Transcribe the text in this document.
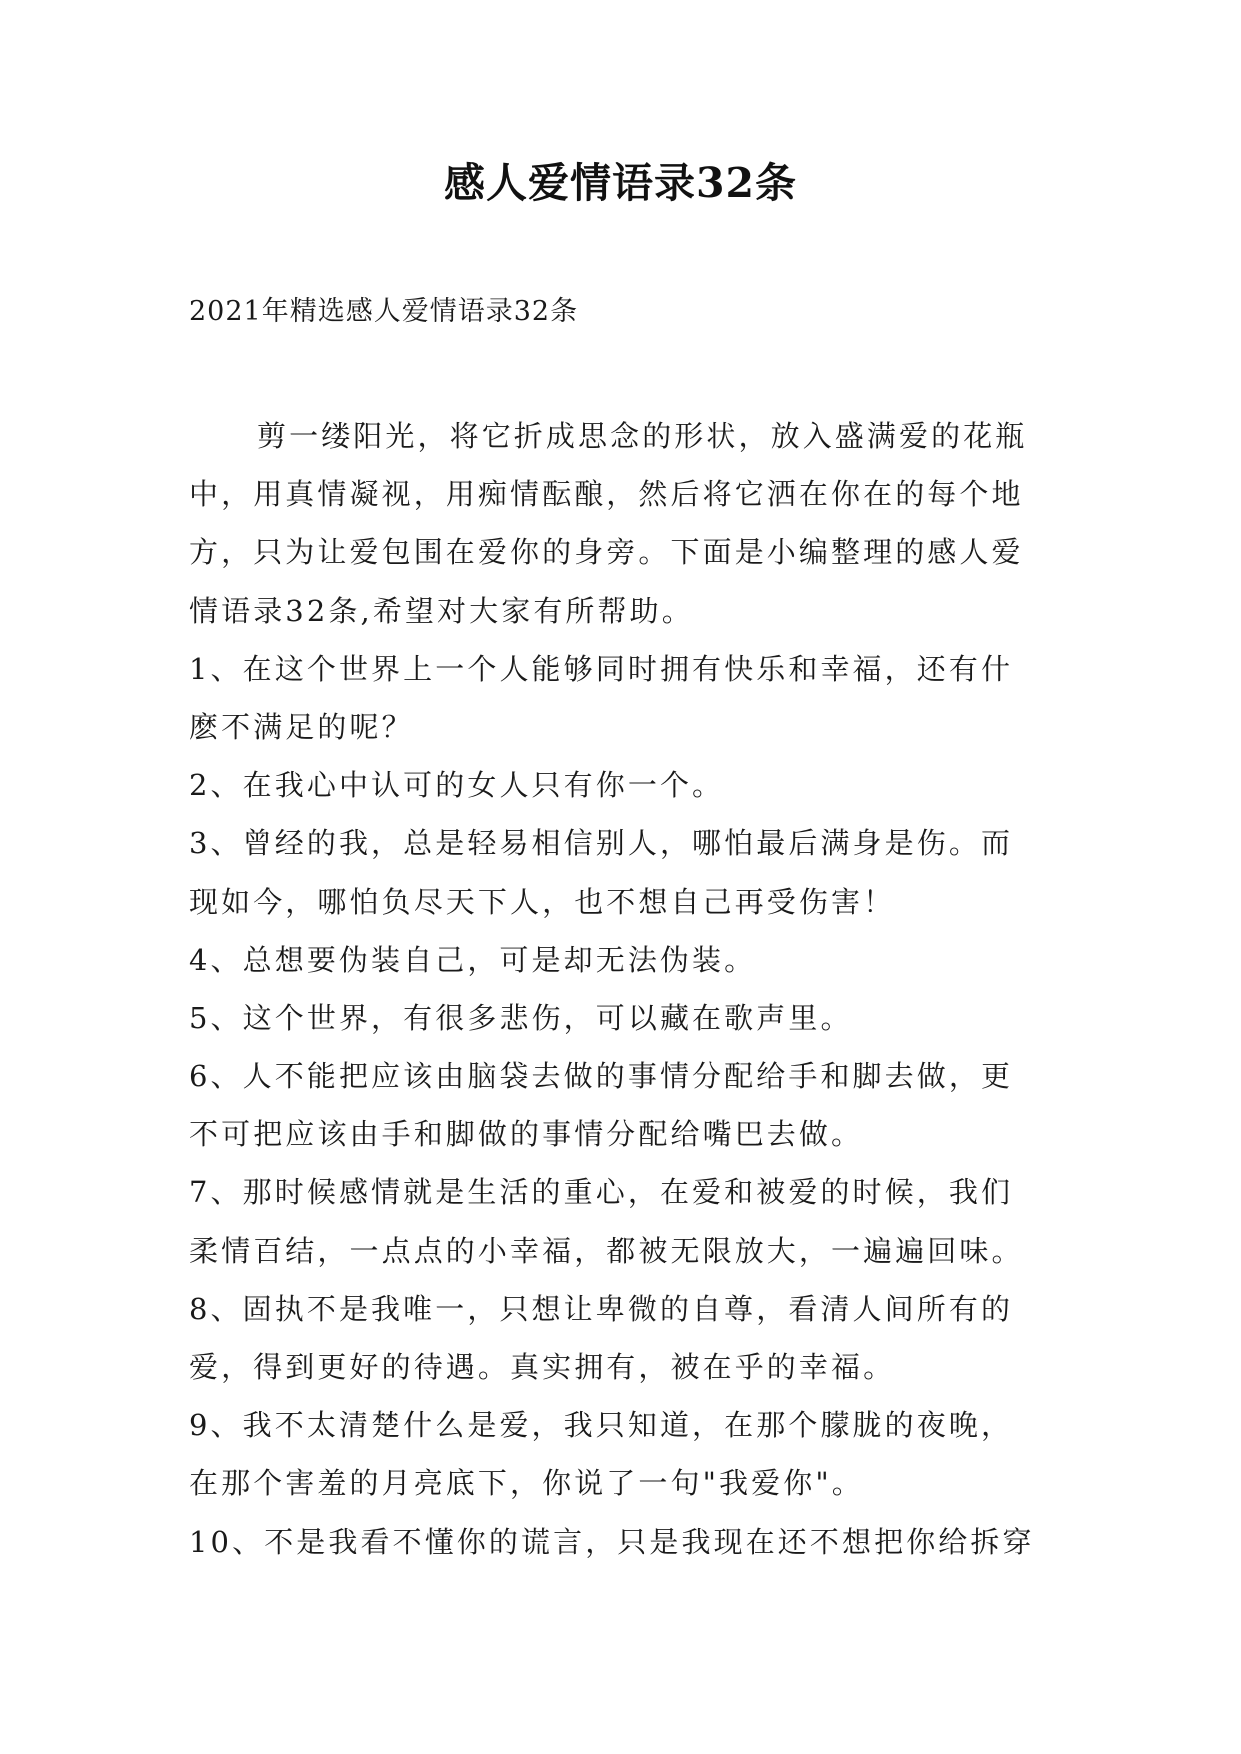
感人爱情语录32条

2021年精选感人爱情语录32条

剪一缕阳光，将它折成思念的形状，放入盛满爱的花瓶
中，用真情凝视，用痴情酝酿，然后将它洒在你在的每个地
方，只为让爱包围在爱你的身旁。下面是小编整理的感人爱
情语录32条,希望对大家有所帮助。
1、在这个世界上一个人能够同时拥有快乐和幸福，还有什
麽不满足的呢？
2、在我心中认可的女人只有你一个。
3、曾经的我，总是轻易相信别人，哪怕最后满身是伤。而
现如今，哪怕负尽天下人，也不想自己再受伤害！
4、总想要伪装自己，可是却无法伪装。
5、这个世界，有很多悲伤，可以藏在歌声里。
6、人不能把应该由脑袋去做的事情分配给手和脚去做，更
不可把应该由手和脚做的事情分配给嘴巴去做。
7、那时候感情就是生活的重心，在爱和被爱的时候，我们
柔情百结，一点点的小幸福，都被无限放大，一遍遍回味。
8、固执不是我唯一，只想让卑微的自尊，看清人间所有的
爱，得到更好的待遇。真实拥有，被在乎的幸福。
9、我不太清楚什么是爱，我只知道，在那个朦胧的夜晚，
在那个害羞的月亮底下，你说了一句"我爱你"。
10、不是我看不懂你的谎言，只是我现在还不想把你给拆穿
